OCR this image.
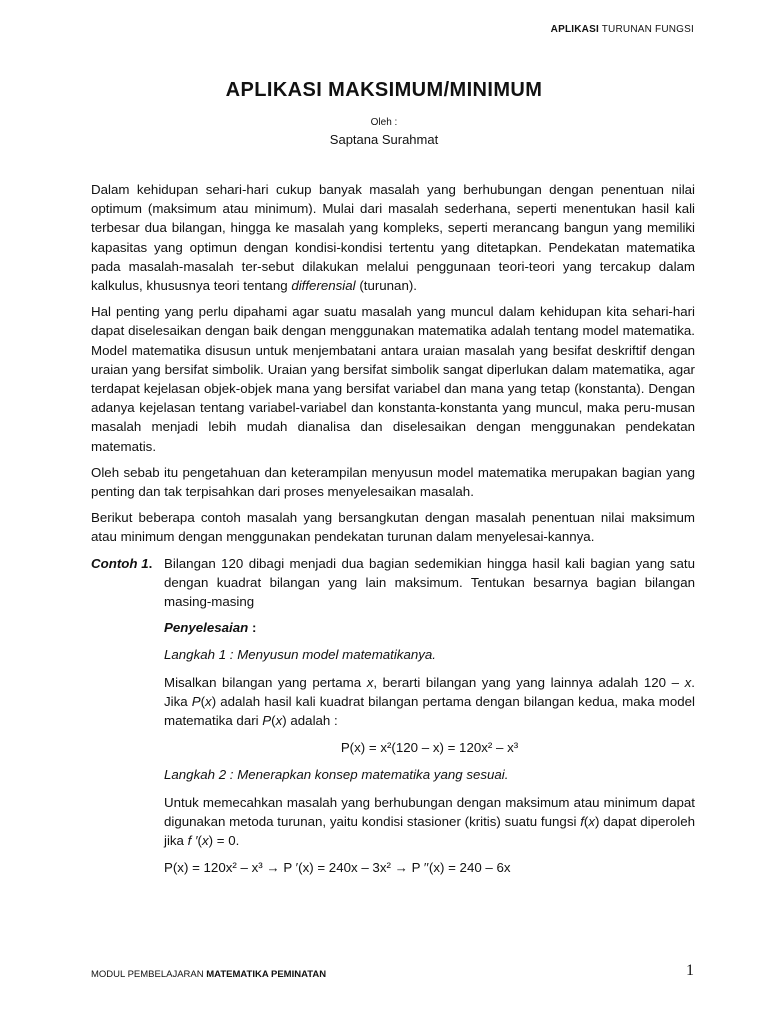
APLIKASI TURUNAN FUNGSI
APLIKASI MAKSIMUM/MINIMUM
Oleh :
Saptana Surahmat

Dalam kehidupan sehari-hari cukup banyak masalah yang berhubungan dengan penentuan nilai optimum (maksimum atau minimum). Mulai dari masalah sederhana, seperti menentukan hasil kali terbesar dua bilangan, hingga ke masalah yang kompleks, seperti merancang bangun yang memiliki kapasitas yang optimun dengan kondisi-kondisi tertentu yang ditetapkan. Pendekatan matematika pada masalah-masalah ter-sebut dilakukan melalui penggunaan teori-teori yang tercakup dalam kalkulus, khususnya teori tentang differensial (turunan).

Hal penting yang perlu dipahami agar suatu masalah yang muncul dalam kehidupan kita sehari-hari dapat diselesaikan dengan baik dengan menggunakan matematika adalah tentang model matematika. Model matematika disusun untuk menjembatani antara uraian masalah yang besifat deskriftif dengan uraian yang bersifat simbolik. Uraian yang bersifat simbolik sangat diperlukan dalam matematika, agar terdapat kejelasan objek-objek mana yang bersifat variabel dan mana yang tetap (konstanta). Dengan adanya kejelasan tentang variabel-variabel dan konstanta-konstanta yang muncul, maka peru-musan masalah menjadi lebih mudah dianalisa dan diselesaikan dengan menggunakan pendekatan matematis.

Oleh sebab itu pengetahuan dan keterampilan menyusun model matematika merupakan bagian yang penting dan tak terpisahkan dari proses menyelesaikan masalah.

Berikut beberapa contoh masalah yang bersangkutan dengan masalah penentuan nilai maksimum atau minimum dengan menggunakan pendekatan turunan dalam menyelesai-kannya.

Contoh 1. Bilangan 120 dibagi menjadi dua bagian sedemikian hingga hasil kali bagian yang satu dengan kuadrat bilangan yang lain maksimum. Tentukan besarnya bagian bilangan masing-masing

Penyelesaian :

Langkah 1 : Menyusun model matematikanya.

Misalkan bilangan yang pertama x, berarti bilangan yang yang lainnya adalah 120 – x. Jika P(x) adalah hasil kali kuadrat bilangan pertama dengan bilangan kedua, maka model matematika dari P(x) adalah :

P(x) = x²(120 – x) = 120x² – x³

Langkah 2 : Menerapkan konsep matematika yang sesuai.

Untuk memecahkan masalah yang berhubungan dengan maksimum atau minimum dapat digunakan metoda turunan, yaitu kondisi stasioner (kritis) suatu fungsi f(x) dapat diperoleh jika f ′(x) = 0.

P(x) = 120x² – x³ → P ′(x) = 240x – 3x² → P ′′(x) = 240 – 6x

MODUL PEMBELAJARAN MATEMATIKA PEMINATAN	1
